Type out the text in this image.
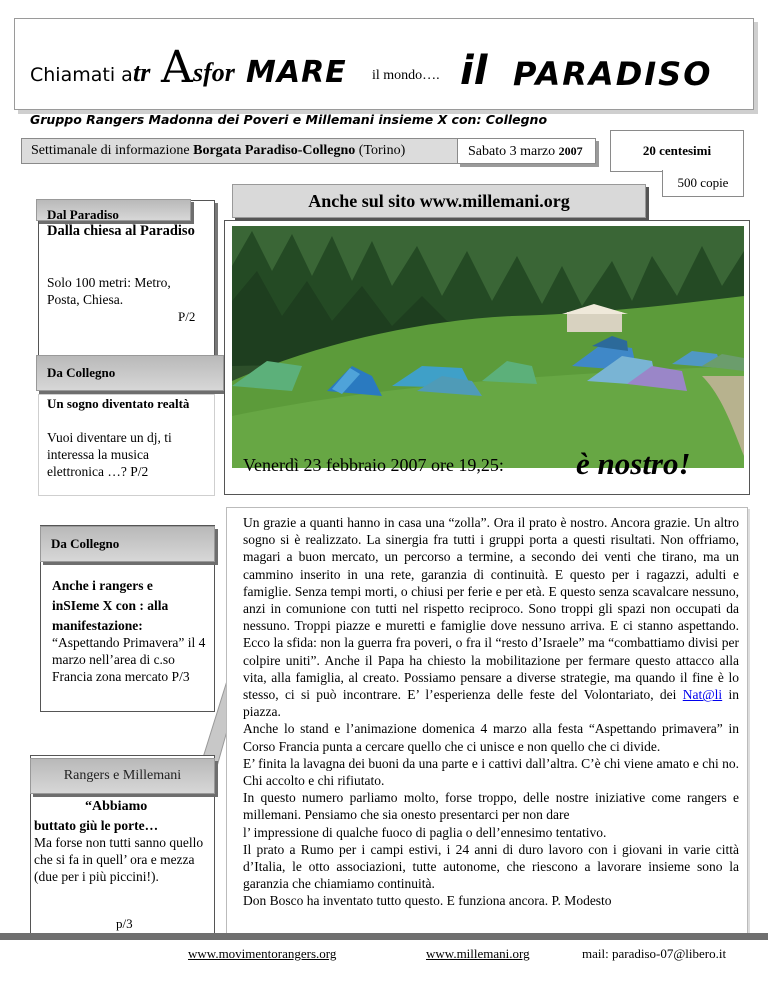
Chiamati a tr A sfor MARE il mondo…. il PARADISO
Gruppo Rangers Madonna dei Poveri e Millemani insieme X con: Collegno
Settimanale di informazione Borgata Paradiso-Collegno (Torino)	Sabato 3 marzo 2007	20 centesimi
500 copie
Dal Paradiso
Dalla chiesa al Paradiso
Solo 100 metri: Metro, Posta, Chiesa.
P/2
Da Collegno
Un sogno diventato realtà
Vuoi diventare un dj, ti interessa la musica elettronica …? P/2
Da Collegno
Anche i rangers e
inSIeme X con : alla manifestazione:
“Aspettando Primavera” il 4 marzo nell’area di c.so Francia zona mercato P/3
Rangers e Millemani
“Abbiamo
buttato giù le porte…
Ma forse non tutti sanno quello che si fa in quell’ ora e mezza (due per i più piccini!).
p/3
Anche sul sito www.millemani.org
Venerdì 23 febbraio 2007 ore 19,25: è nostro!

Un grazie a quanti hanno in casa una “zolla”. Ora il prato è nostro. Ancora grazie. Un altro sogno si è realizzato. La sinergia fra tutti i gruppi porta a questi risultati. Non offriamo, magari a buon mercato, un percorso a termine, a secondo dei venti che tirano, ma un cammino inserito in una rete, garanzia di continuità. E questo per i ragazzi, adulti e famiglie. Senza tempi morti, o chiusi per ferie e per età. E questo senza scavalcare nessuno, anzi in comunione con tutti nel rispetto reciproco. Sono troppi gli spazi non occupati da nessuno. Troppi piazze e muretti e famiglie dove nessuno arriva. E ci stanno aspettando. Ecco la sfida: non la guerra fra poveri, o fra il “resto d’Israele” ma “combattiamo divisi per colpire uniti”. Anche il Papa ha chiesto la mobilitazione per fermare questo attacco alla vita, alla famiglia, al creato. Possiamo pensare a diverse strategie, ma quando il fine è lo stesso, ci si può incontrare. E’ l’esperienza delle feste del Volontariato, dei Nat@li in piazza.

Anche lo stand e l’animazione domenica 4 marzo alla festa “Aspettando primavera” in Corso Francia punta a cercare quello che ci unisce e non quello che ci divide.

E’ finita la lavagna dei buoni da una parte e i cattivi dall’altra. C’è chi viene amato e chi no. Chi accolto e chi rifiutato.

In questo numero parliamo molto, forse troppo, delle nostre iniziative come rangers e millemani. Pensiamo che sia onesto presentarci per non dare

l’ impressione di qualche fuoco di paglia o dell’ennesimo tentativo.

Il prato a Rumo per i campi estivi, i 24 anni di duro lavoro con i giovani in varie città d’Italia, le otto associazioni, tutte autonome, che riescono a lavorare insieme sono la garanzia che chiamiamo continuità.

Don Bosco ha inventato tutto questo. E funziona ancora. P. Modesto

www.movimentorangers.org	www.millemani.org	mail: paradiso-07@libero.it
